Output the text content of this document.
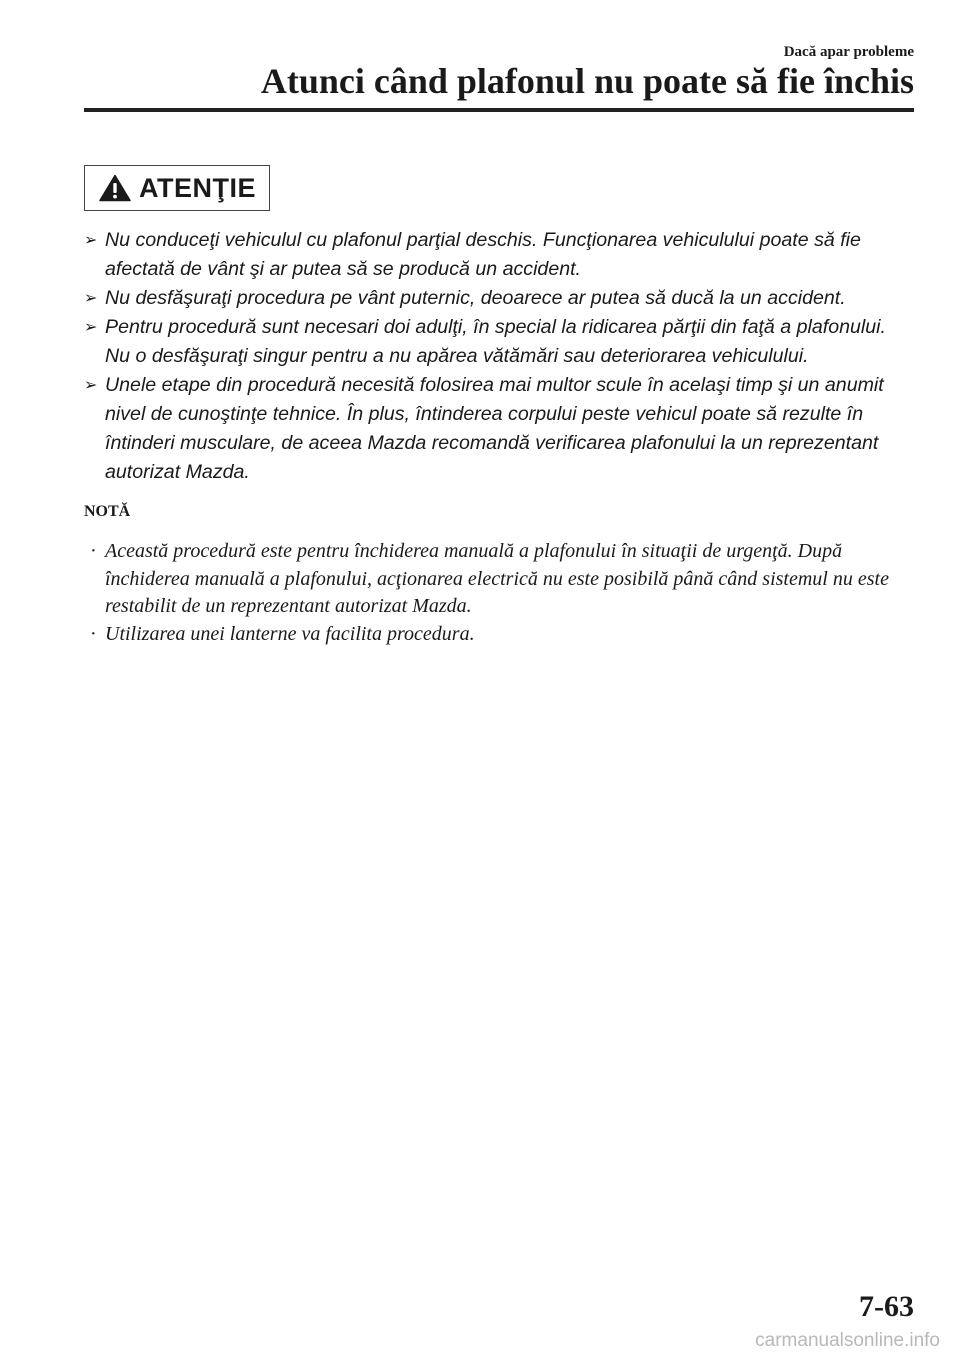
Dacă apar probleme
Atunci când plafonul nu poate să fie închis
ATENŢIE
➢ Nu conduceţi vehiculul cu plafonul parţial deschis. Funcţionarea vehiculului poate să fie afectată de vânt şi ar putea să se producă un accident.
➢ Nu desfăşuraţi procedura pe vânt puternic, deoarece ar putea să ducă la un accident.
➢ Pentru procedură sunt necesari doi adulţi, în special la ridicarea părţii din faţă a plafonului. Nu o desfăşuraţi singur pentru a nu apărea vătămări sau deteriorarea vehiculului.
➢ Unele etape din procedură necesită folosirea mai multor scule în acelaşi timp şi un anumit nivel de cunoştinţe tehnice. În plus, întinderea corpului peste vehicul poate să rezulte în întinderi musculare, de aceea Mazda recomandă verificarea plafonului la un reprezentant autorizat Mazda.
NOTĂ
· Această procedură este pentru închiderea manuală a plafonului în situaţii de urgenţă. După închiderea manuală a plafonului, acţionarea electrică nu este posibilă până când sistemul nu este restabilit de un reprezentant autorizat Mazda.
· Utilizarea unei lanterne va facilita procedura.
7-63
carmanualsonline.info
